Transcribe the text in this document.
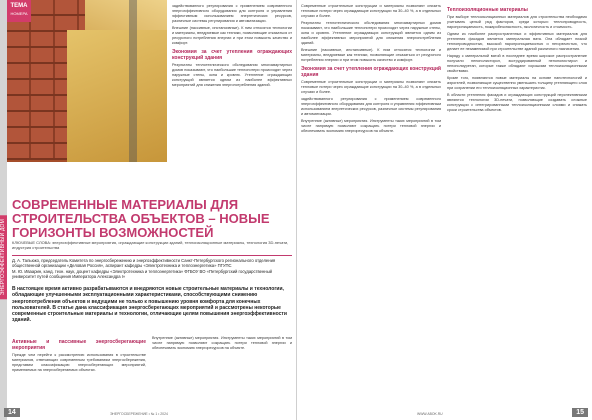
ЭНЕРГОЭФФЕКТИВНЫЙ ДОМ
ТЕМА
НОМЕРА

задействованного регулирования с применением современного энергоэффективного оборудования для контроля и управления эффективным использованием энергетических ресурсов, различные системы регулирования и автоматизации.

Внешние (пассивные, инстансивные). К ним относятся технологии и материалы, внедряемые как техники, позволяющие отказаться от ресурсного потребления энергии и при этом повысить качество и комфорт.

Экономия за счет утепления ограждающих конструкций здания

Результаты теплотехнического обследования многоквартирных домов показывают, что наибольшие теплопотери происходят через наружные стены, окна и кровлю. Утепление ограждающих конструкций является одним из наиболее эффективных мероприятий для снижения энергопотребления зданий.

СОВРЕМЕННЫЕ МАТЕРИАЛЫ ДЛЯ СТРОИТЕЛЬСТВА ОБЪЕКТОВ – НОВЫЕ ГОРИЗОНТЫ ВОЗМОЖНОСТЕЙ
КЛЮЧЕВЫЕ СЛОВА: энергоэффективные мероприятия, ограждающие конструкции зданий, теплоизоляционные материалы, технология 3D-печати, индустрия строительства
Д. А. Тальюко, председатель Комитета по энергосбережению и энергоэффективности Санкт-Петербургского регионального отделения общественной организации «Деловая Россия», аспирант кафедры «Электротехника и теплоэнергетика» ПГУПС
М. Ю. Иваарин, канд. техн. наук, доцент кафедры «Электротехника и теплоэнергетика» ФГБОУ ВО «Петербургский государственный университет путей сообщения Императора Александра I»
В настоящее время активно разрабатываются и внедряются новые строительные материалы и технологии, обладающие улучшенными эксплуатационными характеристиками, способствующими снижению энергопотребления объектов и ведущими не только к повышению уровня комфорта для конечных пользователей. В статье дана классификация энергосберегающих мероприятий и рассмотрены некоторые современные строительные материалы и технологии, отличающие целям повышения энергоэффективности зданий.
Активные и пассивные энергосберегающие мероприятия

Прежде чем перейти к рассмотрению использования в строительстве материалов, отвечающих современным требованиям энергосбережения, представим классификацию энергосберегающих мероприятий, применяемых на энергосберегаемых объектах.

Внутренние (активные) мероприятия. Инструменты таких мероприятий в том числе напрямую позволяют сокращать потери тепловой энергии и обеспечивать экономию энергоресурсов на объекте.

14	ЭНЕРГОСБЕРЕЖЕНИЕ • № 1 • 2024

Современные строительные конструкции и материалы позволяют снизить тепловые потери через ограждающие конструкции на 30–40 %, а в отдельных случаях и более.

Результаты теплотехнического обследования многоквартирных домов показывают, что наибольшие теплопотери происходят через наружные стены, окна и кровлю. Утепление ограждающих конструкций является одним из наиболее эффективных мероприятий для снижения энергопотребления зданий.

Внешние (пассивные, инстансивные). К ним относятся технологии и материалы, внедряемые как техники, позволяющие отказаться от ресурсного потребления энергии и при этом повысить качество и комфорт.

Экономия за счет утепления ограждающих конструкций здания

Современные строительные конструкции и материалы позволяют снизить тепловые потери через ограждающие конструкции на 30–40 %, а в отдельных случаях и более.

задействованного регулирования с применением современного энергоэффективного оборудования для контроля и управления эффективным использованием энергетических ресурсов, различные системы регулирования и автоматизации.

Внутренние (активные) мероприятия. Инструменты таких мероприятий в том числе напрямую позволяют сокращать потери тепловой энергии и обеспечивать экономию энергоресурсов на объекте.

Теплоизоляционные материалы

При выборе теплоизоляционных материалов для строительства необходимо учитывать целый ряд факторов, среди которых: теплопроводность, паропроницаемость, пожаробезопасность, экологичность и стоимость.

Одним из наиболее распространенных и эффективных материалов для утепления фасадов является минеральная вата. Она обладает низкой теплопроводностью, высокой паропроницаемостью и негорючестью, что делает ее незаменимой при строительстве зданий различного назначения.

Наряду с минеральной ватой в последнее время широкое распространение получили пенополистирол, экструдированный пенополистирол и пенополиуретан, которые также обладают хорошими теплоизоляционными свойствами.

Кроме того, появляются новые материалы на основе нанотехнологий и аэрогелей, позволяющие существенно уменьшить толщину утепляющего слоя при сохранении его теплоизоляционных характеристик.

В области утепления фасадов и ограждающих конструкций перспективными являются технологии 3D-печати, позволяющие создавать сложные конструкции с интегрированными теплоизоляционными слоями и снижать сроки строительства объектов.

WWW.ABOK.RU	15
